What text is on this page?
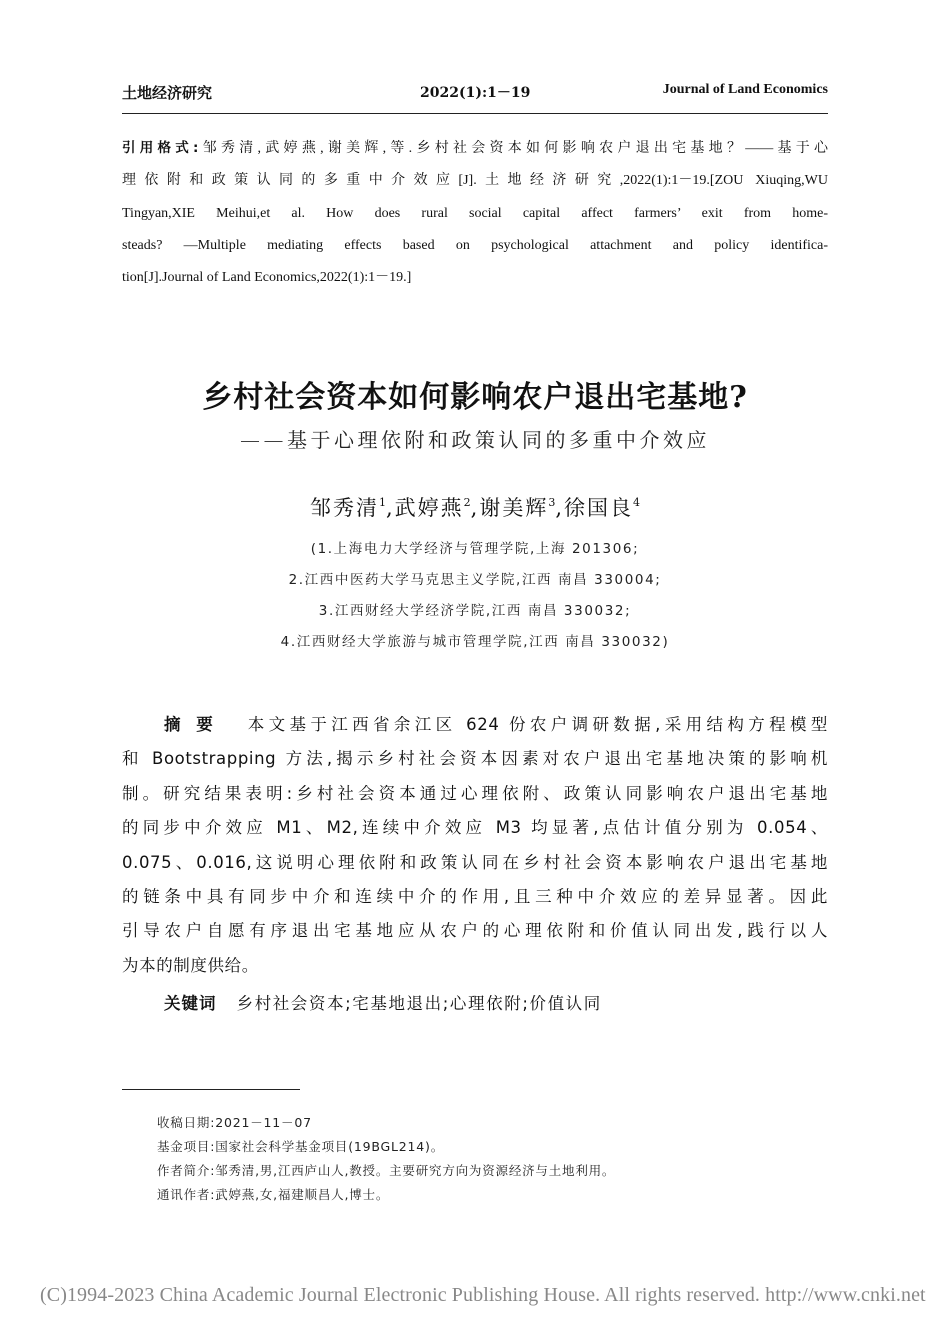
土地经济研究	2022(1):1－19	Journal of Land Economics
引用格式:邹秀清,武婷燕,谢美辉,等.乡村社会资本如何影响农户退出宅基地？——基于心
理依附和政策认同的多重中介效应[J].土地经济研究,2022(1):1－19.[ZOU Xiuqing,WU
Tingyan,XIE Meihui,et al. How does rural social capital affect farmers’ exit from home-
steads? —Multiple mediating effects based on psychological attachment and policy identifica-
tion[J].Journal of Land Economics,2022(1):1－19.]
乡村社会资本如何影响农户退出宅基地?
——基于心理依附和政策认同的多重中介效应
邹秀清$^1$,武婷燕$^2$,谢美辉$^3$,徐国良$^4$
(1.上海电力大学经济与管理学院,上海 201306;
2.江西中医药大学马克思主义学院,江西 南昌 330004;
3.江西财经大学经济学院,江西 南昌 330032;
4.江西财经大学旅游与城市管理学院,江西 南昌 330032)
摘要 本文基于江西省余江区 624 份农户调研数据,采用结构方程模型
和 Bootstrapping 方法,揭示乡村社会资本因素对农户退出宅基地决策的影响机
制。研究结果表明:乡村社会资本通过心理依附、政策认同影响农户退出宅基地
的同步中介效应 M1、M2,连续中介效应 M3 均显著,点估计值分别为 0.054、
0.075、0.016,这说明心理依附和政策认同在乡村社会资本影响农户退出宅基地
的链条中具有同步中介和连续中介的作用,且三种中介效应的差异显著。因此
引导农户自愿有序退出宅基地应从农户的心理依附和价值认同出发,践行以人
为本的制度供给。
关键词 乡村社会资本;宅基地退出;心理依附;价值认同
收稿日期:2021－11－07
基金项目:国家社会科学基金项目(19BGL214)。
作者简介:邹秀清,男,江西庐山人,教授。主要研究方向为资源经济与土地利用。
通讯作者:武婷燕,女,福建顺昌人,博士。
(C)1994-2023 China Academic Journal Electronic Publishing House. All rights reserved. http://www.cnki.net
